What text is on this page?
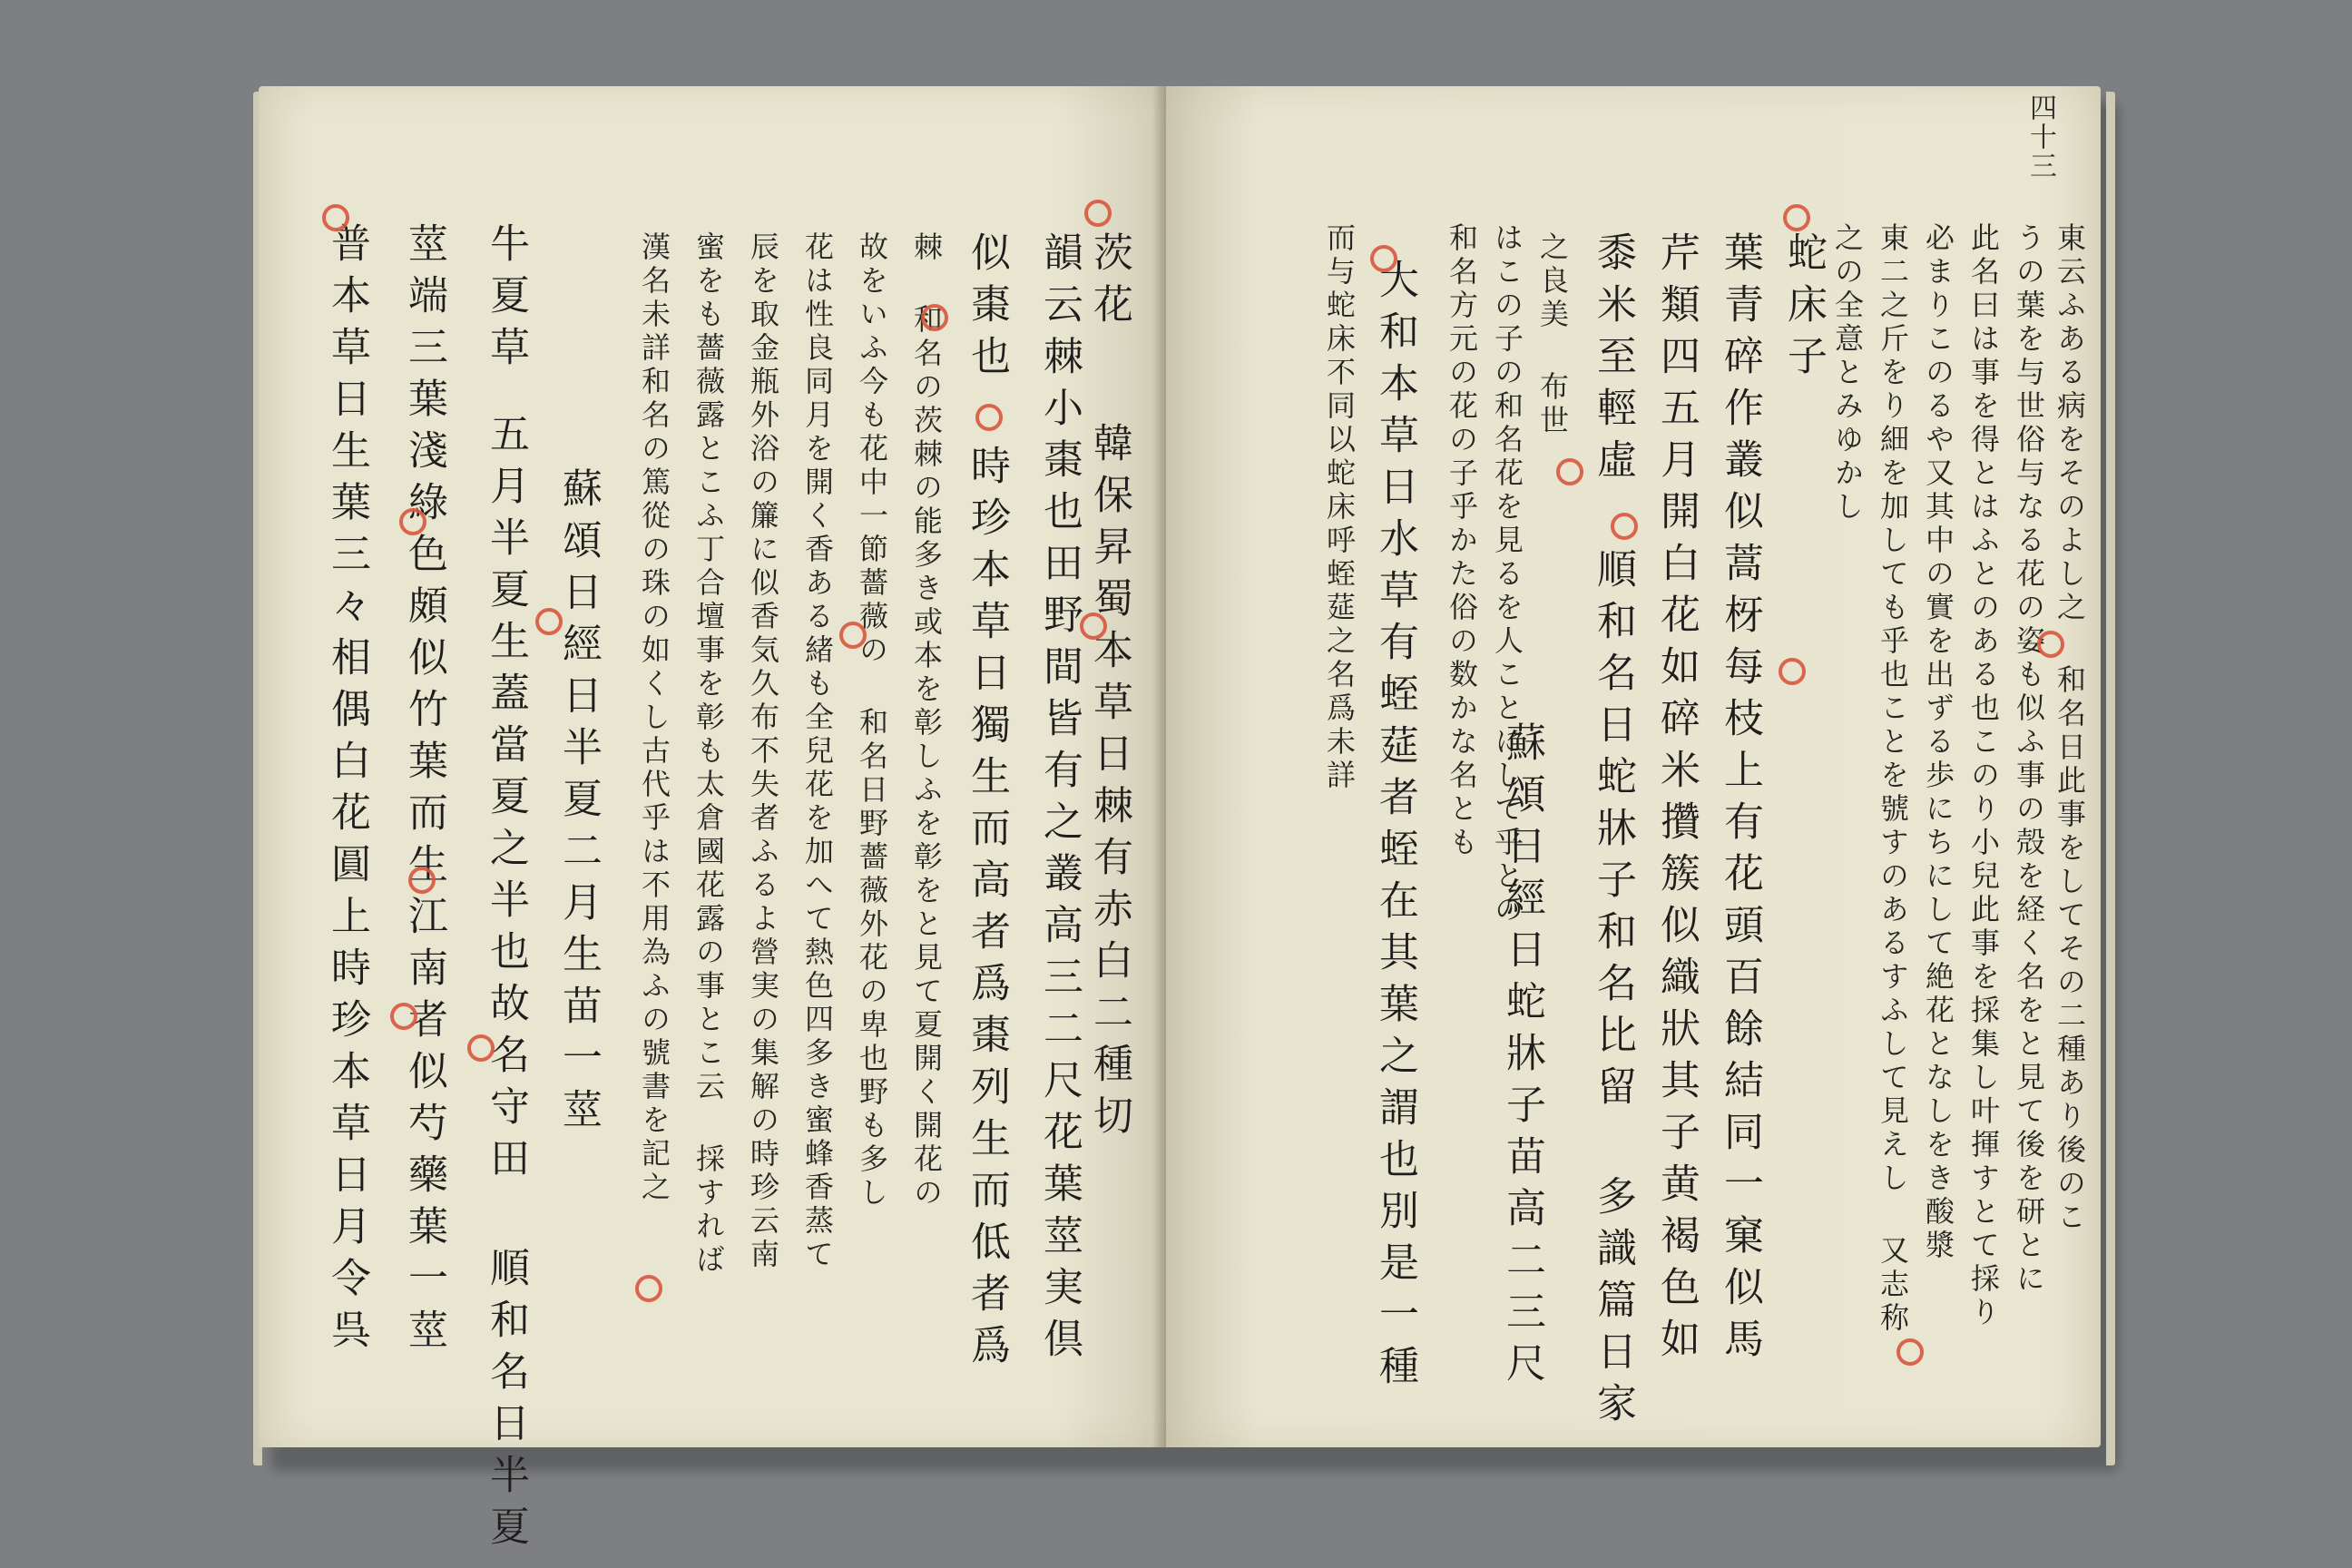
普本草日生葉三々相偶白花圓上時珍本草日月令呉 莖端三葉淺綠色頗似竹葉而生江南者似芍藥葉一莖 牛夏草
五月半夏生蓋當夏之半也故名守田 順和名日半夏 蘇頌日經日半夏二月生苗一莖 漢名未詳和名の篤從の珠の如くし古代乎は不用為ふの號書を記之 蜜をも薔薇露とこふ丁合壇事を彰も太倉國花露の事とこ云 採すれば 辰を取金瓶外浴の簾に似香気久布不失者ふるよ營実の集解の時珍云南 花は性良同月を開く香ある緒も全兒花を加へて熱色四多き蜜蜂香蒸て 故をいふ今も花中一節薔薇の 和名日野薔薇外花の卑也野も多し 棘 和名の茨棘の能多き或本を彰しふを彰をと見て夏開く開花の 似棗也 時珍本草日獨生而高者爲棗列生而低者爲 韻云棘小棗也田野間皆有之叢高三二尺花葉莖実倶 茨花
韓保昇蜀本草日棘有赤白二種切	而与蛇床不同以蛇床呼蛭莚之名爲未詳 大和本草日水草有蛭莚者蛭在其葉之謂也別是一種 蘇頌日經日蛇牀子苗高二三尺
和名方元の花の子乎かた俗の数かな名とも はこの子の和名花を見るを人ことにして乎との 之良美 布世 黍米至輕虛 順和名日蛇牀子和名比留 多識篇日家 芹類四五月開白花如碎米攢簇似織狀其子黄褐色如 葉青碎作叢似蒿枒每枝上有花頭百餘結同一窠似馬 蛇床子 之の全意とみゆかし 東二之斤をり細を加しても乎也ことを號すのあるすふして見えし 又志称 必まりこのるや又其中の實を出ずる歩にちにして絶花となしをき酸漿 此名曰は事を得とはふとのある也このり小兒此事を採集し叶揮すとて採り うの葉を与世俗与なる花の姿も似ふ事の殻を経く名をと見て後を研とに 東云ふある病をそのよし之 和名日此事をしてその二種あり後のこ
四十三
